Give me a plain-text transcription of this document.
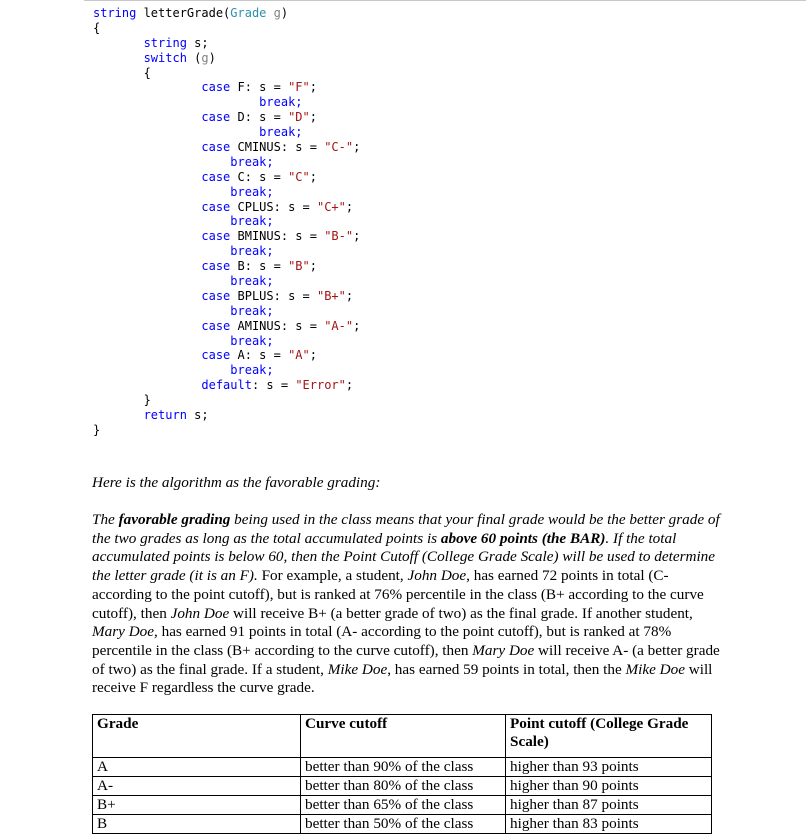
string letterGrade(Grade g)
{
string s;
switch (g)
{
case F: s = "F";
break;
case D: s = "D";
break;
case CMINUS: s = "C-";
break;
case C: s = "C";
break;
case CPLUS: s = "C+";
break;
case BMINUS: s = "B-";
break;
case B: s = "B";
break;
case BPLUS: s = "B+";
break;
case AMINUS: s = "A-";
break;
case A: s = "A";
break;
default: s = "Error";
}
return s;
}
Here is the algorithm as the favorable grading:
The favorable grading being used in the class means that your final grade would be the better grade of the two grades as long as the total accumulated points is above 60 points (the BAR). If the total accumulated points is below 60, then the Point Cutoff (College Grade Scale) will be used to determine the letter grade (it is an F). For example, a student, John Doe, has earned 72 points in total (C- according to the point cutoff), but is ranked at 76% percentile in the class (B+ according to the curve cutoff), then John Doe will receive B+ (a better grade of two) as the final grade. If another student, Mary Doe, has earned 91 points in total (A- according to the point cutoff), but is ranked at 78% percentile in the class (B+ according to the curve cutoff), then Mary Doe will receive A- (a better grade of two) as the final grade. If a student, Mike Doe, has earned 59 points in total, then the Mike Doe will receive F regardless the curve grade.
Grade	Curve cutoff	Point cutoff (College Grade Scale)
A	better than 90% of the class	higher than 93 points
A-	better than 80% of the class	higher than 90 points
B+	better than 65% of the class	higher than 87 points
B	better than 50% of the class	higher than 83 points
